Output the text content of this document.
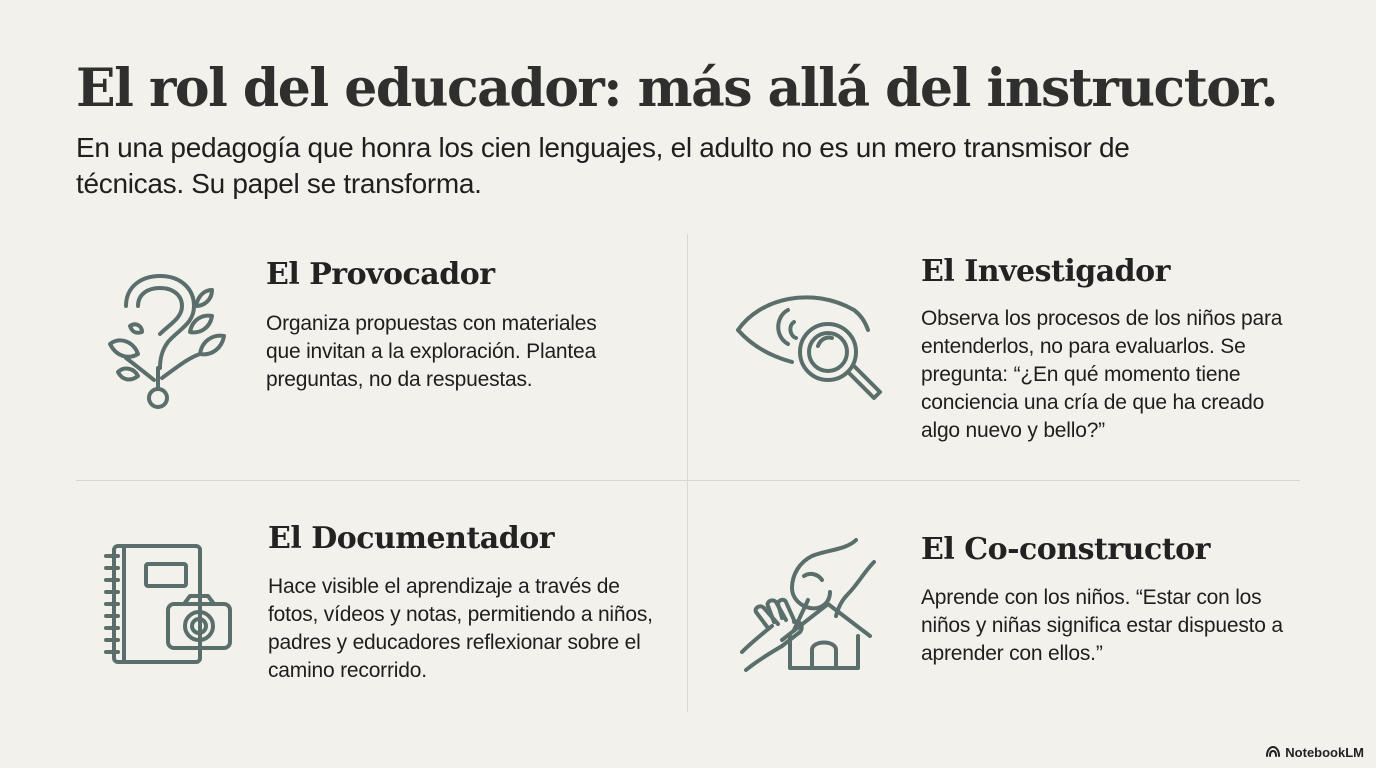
El rol del educador: más allá del instructor.

En una pedagogía que honra los cien lenguajes, el adulto no es un mero transmisor de técnicas. Su papel se transforma.

El Provocador

Organiza propuestas con materiales que invitan a la exploración. Plantea preguntas, no da respuestas.

El Investigador

Observa los procesos de los niños para entenderlos, no para evaluarlos. Se pregunta: “¿En qué momento tiene conciencia una cría de que ha creado algo nuevo y bello?”

El Documentador

Hace visible el aprendizaje a través de fotos, vídeos y notas, permitiendo a niños, padres y educadores reflexionar sobre el camino recorrido.

El Co-constructor

Aprende con los niños. “Estar con los niños y niñas significa estar dispuesto a aprender con ellos.”

NotebookLM
